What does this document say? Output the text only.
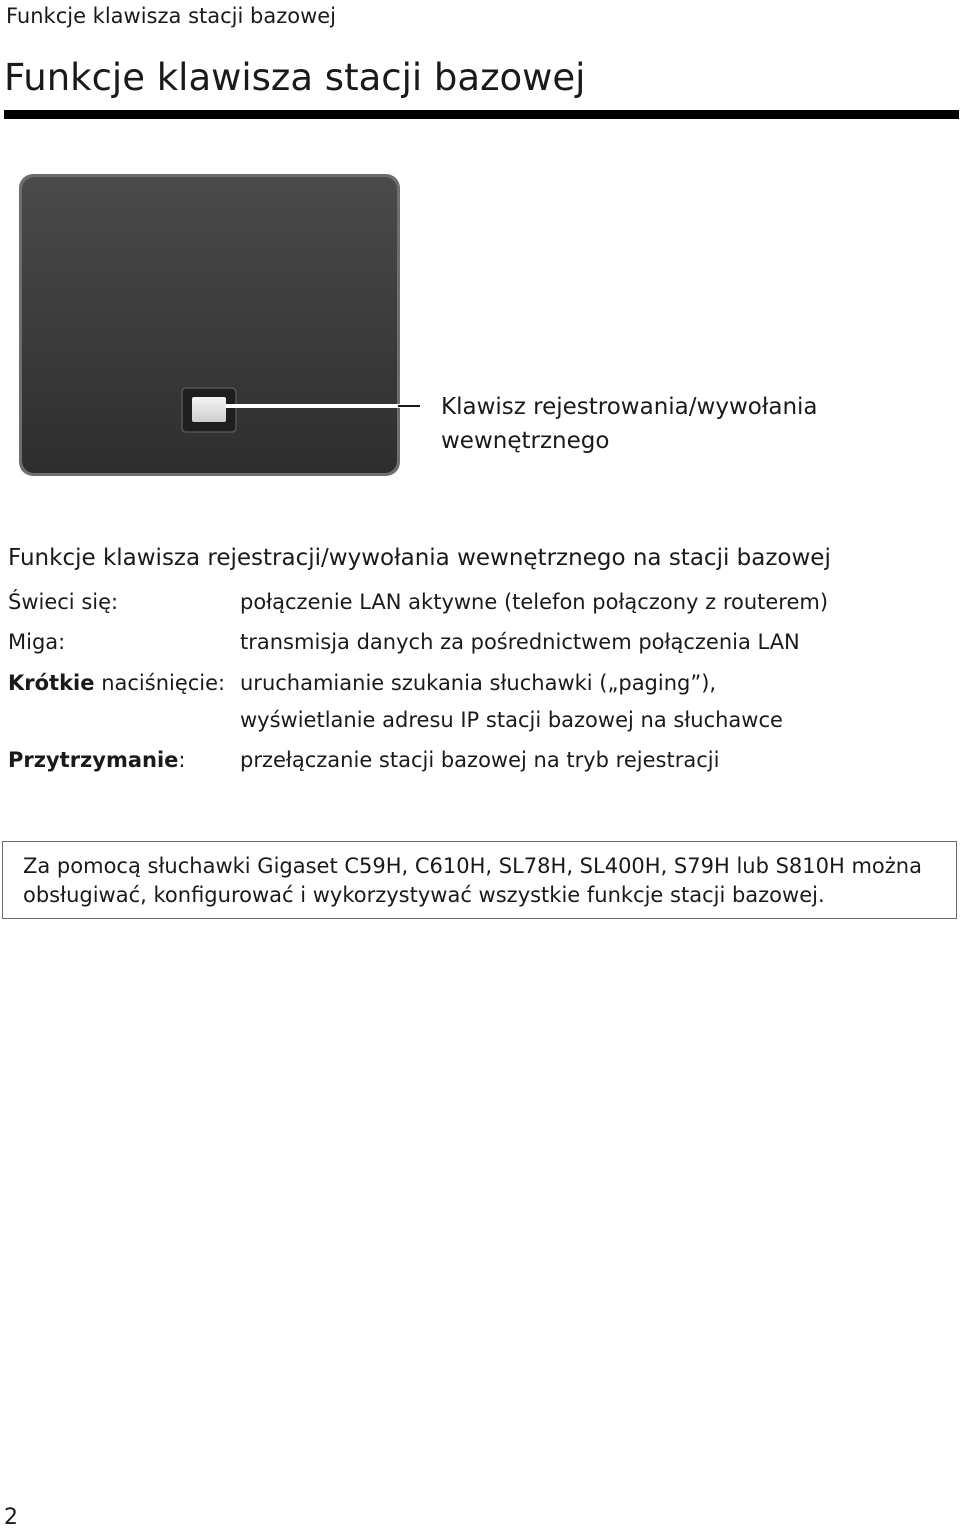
Funkcje klawisza stacji bazowej
Funkcje klawisza stacji bazowej
Klawisz rejestrowania/wywołania
wewnętrznego
Funkcje klawisza rejestracji/wywołania wewnętrznego na stacji bazowej
Świeci się:	połączenie LAN aktywne (telefon połączony z routerem)
Miga:	transmisja danych za pośrednictwem połączenia LAN
Krótkie naciśnięcie: uruchamianie szukania słuchawki („paging”),
wyświetlanie adresu IP stacji bazowej na słuchawce
Przytrzymanie:	przełączanie stacji bazowej na tryb rejestracji
Za pomocą słuchawki Gigaset C59H, C610H, SL78H, SL400H, S79H lub S810H można
obsługiwać, konfigurować i wykorzystywać wszystkie funkcje stacji bazowej.
2
